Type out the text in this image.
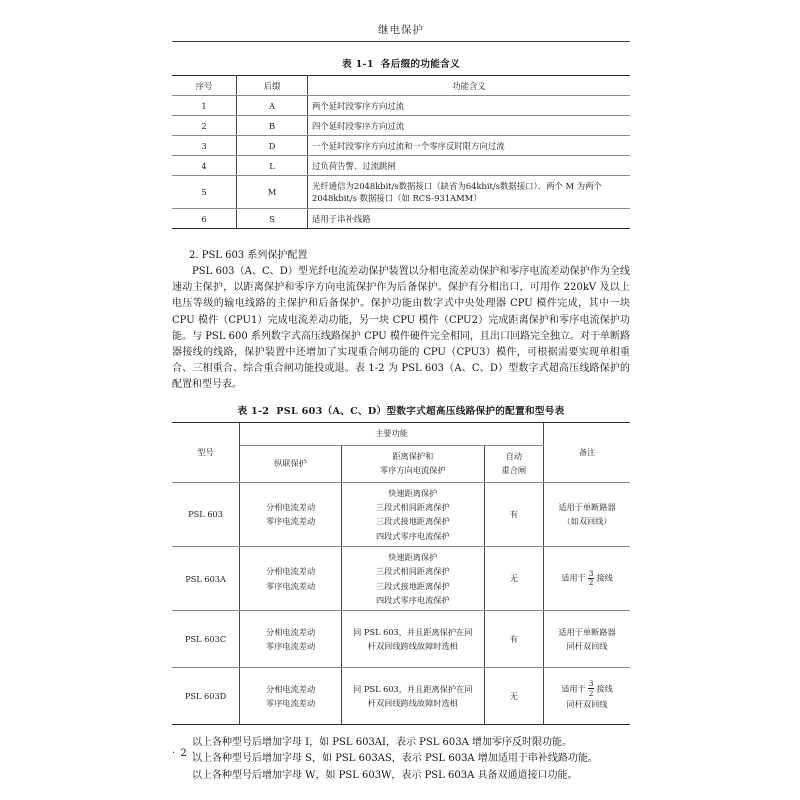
继电保护
表 1-1 各后缀的功能含义
序号	后缀	功能含义
1	A	两个延时段零序方向过流
2	B	四个延时段零序方向过流
3	D	一个延时段零序方向过流和一个零序反时限方向过流
4	L	过负荷告警、过流跳闸
5	M	光纤通信为2048kbit/s数据接口（缺省为64kbit/s数据接口）、两个 M 为两个
2048kbit/s 数据接口（如 RCS-931AMM）
6	S	适用于串补线路
2. PSL 603 系列保护配置

PSL 603（A、C、D）型光纤电流差动保护装置以分相电流差动保护和零序电流差动保护作为全线速动主保护，以距离保护和零序方向电流保护作为后备保护。保护有分相出口，可用作 220kV 及以上电压等级的输电线路的主保护和后备保护。保护功能由数字式中央处理器 CPU 模件完成，其中一块 CPU 模件（CPU1）完成电流差动功能，另一块 CPU 模件（CPU2）完成距离保护和零序电流保护功能。与 PSL 600 系列数字式高压线路保护 CPU 模件硬件完全相同，且出口回路完全独立。对于单断路器接线的线路，保护装置中还增加了实现重合闸功能的 CPU（CPU3）模件，可根据需要实现单相重合、三相重合、综合重合闸功能投或退。表 1-2 为 PSL 603（A、C、D）型数字式超高压线路保护的配置和型号表。

表 1-2 PSL 603（A、C、D）型数字式超高压线路保护的配置和型号表
型号	主要功能			备注
	纵联保护	距离保护和
零序方向电流保护	自动
重合闸	
PSL 603	分相电流差动
零序电流差动	快速距离保护
三段式相间距离保护
三段式接地距离保护
四段式零序电流保护	有	适用于单断路器
（如双回线）
PSL 603A	分相电流差动
零序电流差动	快速距离保护
三段式相间距离保护
三段式接地距离保护
四段式零序电流保护	无	适用于 $\frac{3}{2}$ 接线
PSL 603C	分相电流差动
零序电流差动	同 PSL 603，并且距离保护在同
杆双回线跨线故障时选相	有	适用于单断路器
同杆双回线
PSL 603D	分相电流差动
零序电流差动	同 PSL 603，并且距离保护在同
杆双回线跨线故障时选相	无	适用于 $\frac{3}{2}$ 接线
同杆双回线

以上各种型号后增加字母 I，如 PSL 603AI，表示 PSL 603A 增加零序反时限功能。

以上各种型号后增加字母 S，如 PSL 603AS，表示 PSL 603A 增加适用于串补线路功能。

以上各种型号后增加字母 W，如 PSL 603W，表示 PSL 603A 具备双通道接口功能。

· 2 ·
